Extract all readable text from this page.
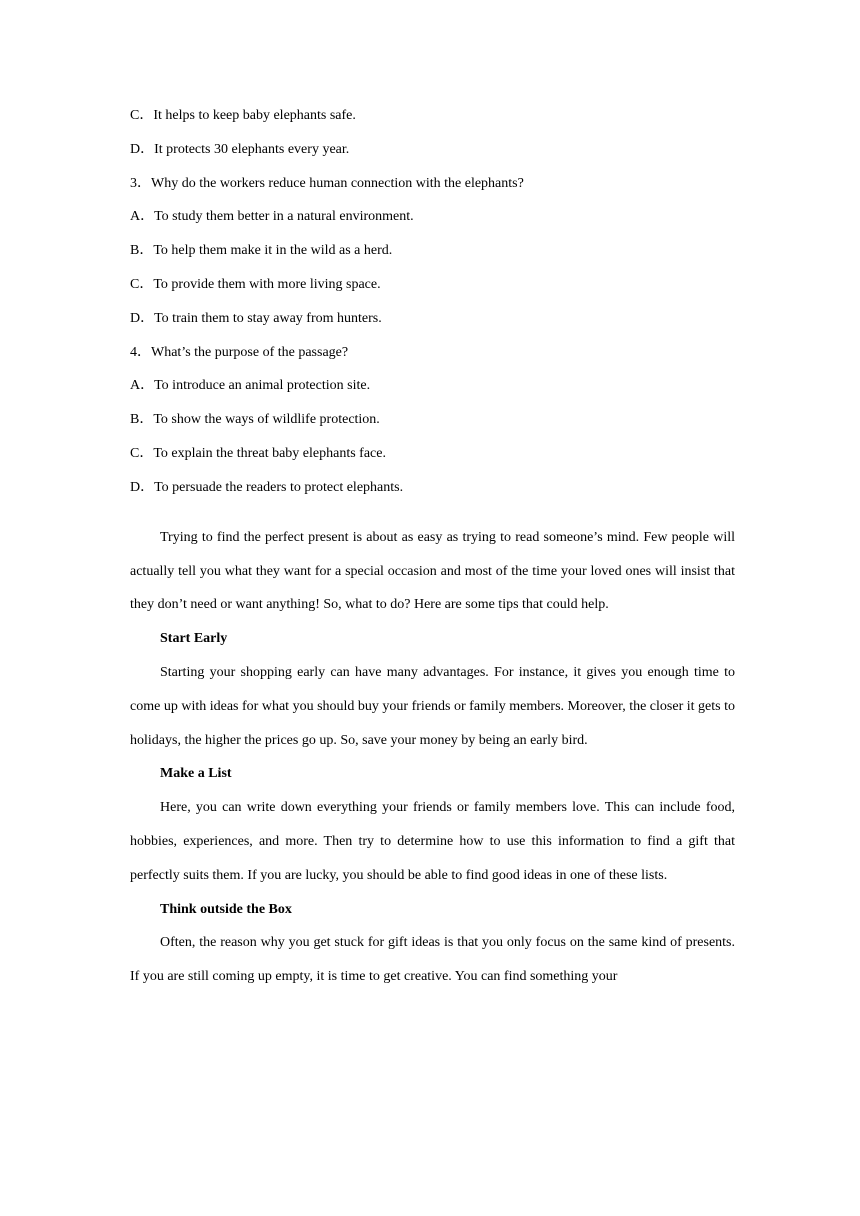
C．It helps to keep baby elephants safe.
D．It protects 30 elephants every year.
3．Why do the workers reduce human connection with the elephants?
A．To study them better in a natural environment.
B．To help them make it in the wild as a herd.
C．To provide them with more living space.
D．To train them to stay away from hunters.
4．What’s the purpose of the passage?
A．To introduce an animal protection site.
B．To show the ways of wildlife protection.
C．To explain the threat baby elephants face.
D．To persuade the readers to protect elephants.

Trying to find the perfect present is about as easy as trying to read someone’s mind. Few people will actually tell you what they want for a special occasion and most of the time your loved ones will insist that they don’t need or want anything! So, what to do? Here are some tips that could help.

Start Early

Starting your shopping early can have many advantages. For instance, it gives you enough time to come up with ideas for what you should buy your friends or family members. Moreover, the closer it gets to holidays, the higher the prices go up. So, save your money by being an early bird.

Make a List

Here, you can write down everything your friends or family members love. This can include food, hobbies, experiences, and more. Then try to determine how to use this information to find a gift that perfectly suits them. If you are lucky, you should be able to find good ideas in one of these lists.

Think outside the Box

Often, the reason why you get stuck for gift ideas is that you only focus on the same kind of presents. If you are still coming up empty, it is time to get creative. You can find something your
